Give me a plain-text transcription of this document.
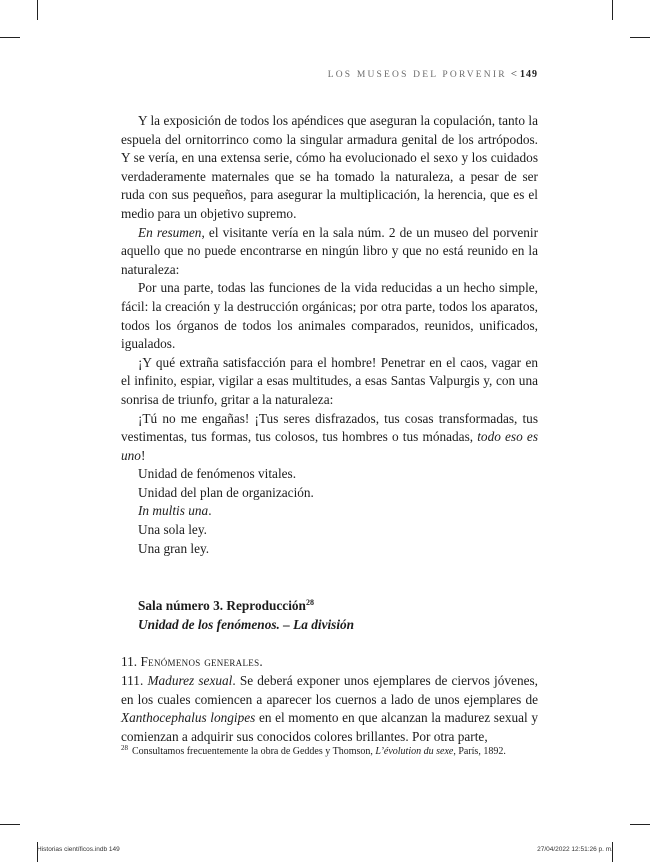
LOS MUSEOS DEL PORVENIR < 149

Y la exposición de todos los apéndices que aseguran la copulación, tanto la espuela del ornitorrinco como la singular armadura genital de los artrópodos. Y se vería, en una extensa serie, cómo ha evolucionado el sexo y los cuidados verdaderamente maternales que se ha tomado la naturaleza, a pesar de ser ruda con sus pequeños, para asegurar la multiplicación, la herencia, que es el medio para un objetivo supremo.

En resumen, el visitante vería en la sala núm. 2 de un museo del porvenir aquello que no puede encontrarse en ningún libro y que no está reunido en la naturaleza:

Por una parte, todas las funciones de la vida reducidas a un hecho simple, fácil: la creación y la destrucción orgánicas; por otra parte, todos los aparatos, todos los órganos de todos los animales comparados, reunidos, unificados, igualados.

¡Y qué extraña satisfacción para el hombre! Penetrar en el caos, vagar en el infinito, espiar, vigilar a esas multitudes, a esas Santas Valpurgis y, con una sonrisa de triunfo, gritar a la naturaleza:

¡Tú no me engañas! ¡Tus seres disfrazados, tus cosas transformadas, tus vestimentas, tus formas, tus colosos, tus hombres o tus mónadas, todo eso es uno!

Unidad de fenómenos vitales.

Unidad del plan de organización.

In multis una.

Una sola ley.

Una gran ley.

Sala número 3. Reproducción$^{28}$

Unidad de los fenómenos. – La división

11. Fenómenos generales.

111. Madurez sexual. Se deberá exponer unos ejemplares de ciervos jóvenes, en los cuales comiencen a aparecer los cuernos a lado de unos ejemplares de Xanthocephalus longipes en el momento en que alcanzan la madurez sexual y comienzan a adquirir sus conocidos colores brillantes. Por otra parte,

$^{28}$ Consultamos frecuentemente la obra de Geddes y Thomson, L’évolution du sexe, París, 1892.
Historias científicos.indb 149	27/04/2022 12:51:26 p. m.
